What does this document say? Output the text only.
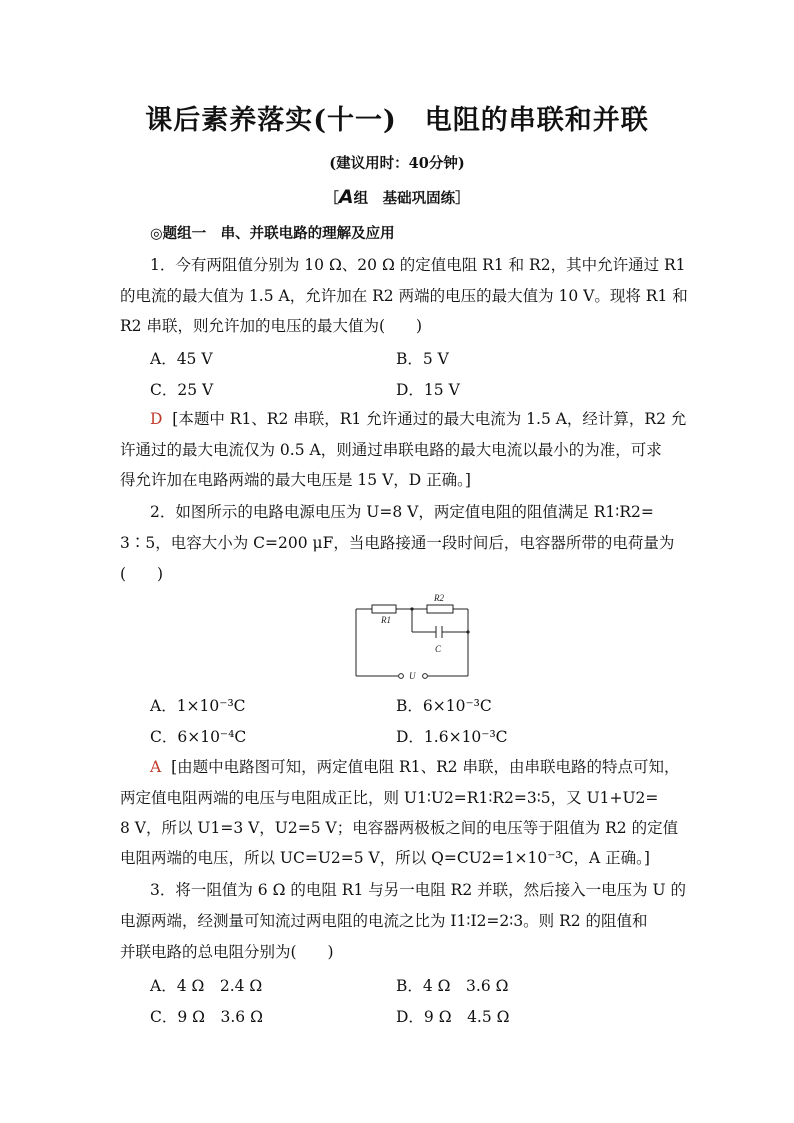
课后素养落实(十一)　电阻的串联和并联
(建议用时：40分钟)
［A组　基础巩固练］
◎题组一　串、并联电路的理解及应用
1．今有两阻值分别为 10 Ω、20 Ω 的定值电阻 R1 和 R2，其中允许通过 R1
的电流的最大值为 1.5 A，允许加在 R2 两端的电压的最大值为 10 V。现将 R1 和
R2 串联，则允许加的电压的最大值为(　　)
A．45 V	B．5 V
C．25 V	D．15 V
D [本题中 R1、R2 串联，R1 允许通过的最大电流为 1.5 A，经计算，R2 允
许通过的最大电流仅为 0.5 A，则通过串联电路的最大电流以最小的为准，可求
得允许加在电路两端的最大电压是 15 V，D 正确。]
2．如图所示的电路电源电压为 U=8 V，两定值电阻的阻值满足 R1∶R2=
3∶5，电容大小为 C=200 μF，当电路接通一段时间后，电容器所带的电荷量为
(　　)
R1
R2
C
U
A．1×10⁻³C	B．6×10⁻³C
C．6×10⁻⁴C	D．1.6×10⁻³C
A [由题中电路图可知，两定值电阻 R1、R2 串联，由串联电路的特点可知，
两定值电阻两端的电压与电阻成正比，则 U1∶U2=R1∶R2=3∶5，又 U1+U2=
8 V，所以 U1=3 V，U2=5 V；电容器两极板之间的电压等于阻值为 R2 的定值
电阻两端的电压，所以 UC=U2=5 V，所以 Q=CU2=1×10⁻³C，A 正确。]
3．将一阻值为 6 Ω 的电阻 R1 与另一电阻 R2 并联，然后接入一电压为 U 的
电源两端，经测量可知流过两电阻的电流之比为 I1∶I2=2∶3。则 R2 的阻值和
并联电路的总电阻分别为(　　)
A．4 Ω　2.4 Ω	B．4 Ω　3.6 Ω
C．9 Ω　3.6 Ω	D．9 Ω　4.5 Ω
